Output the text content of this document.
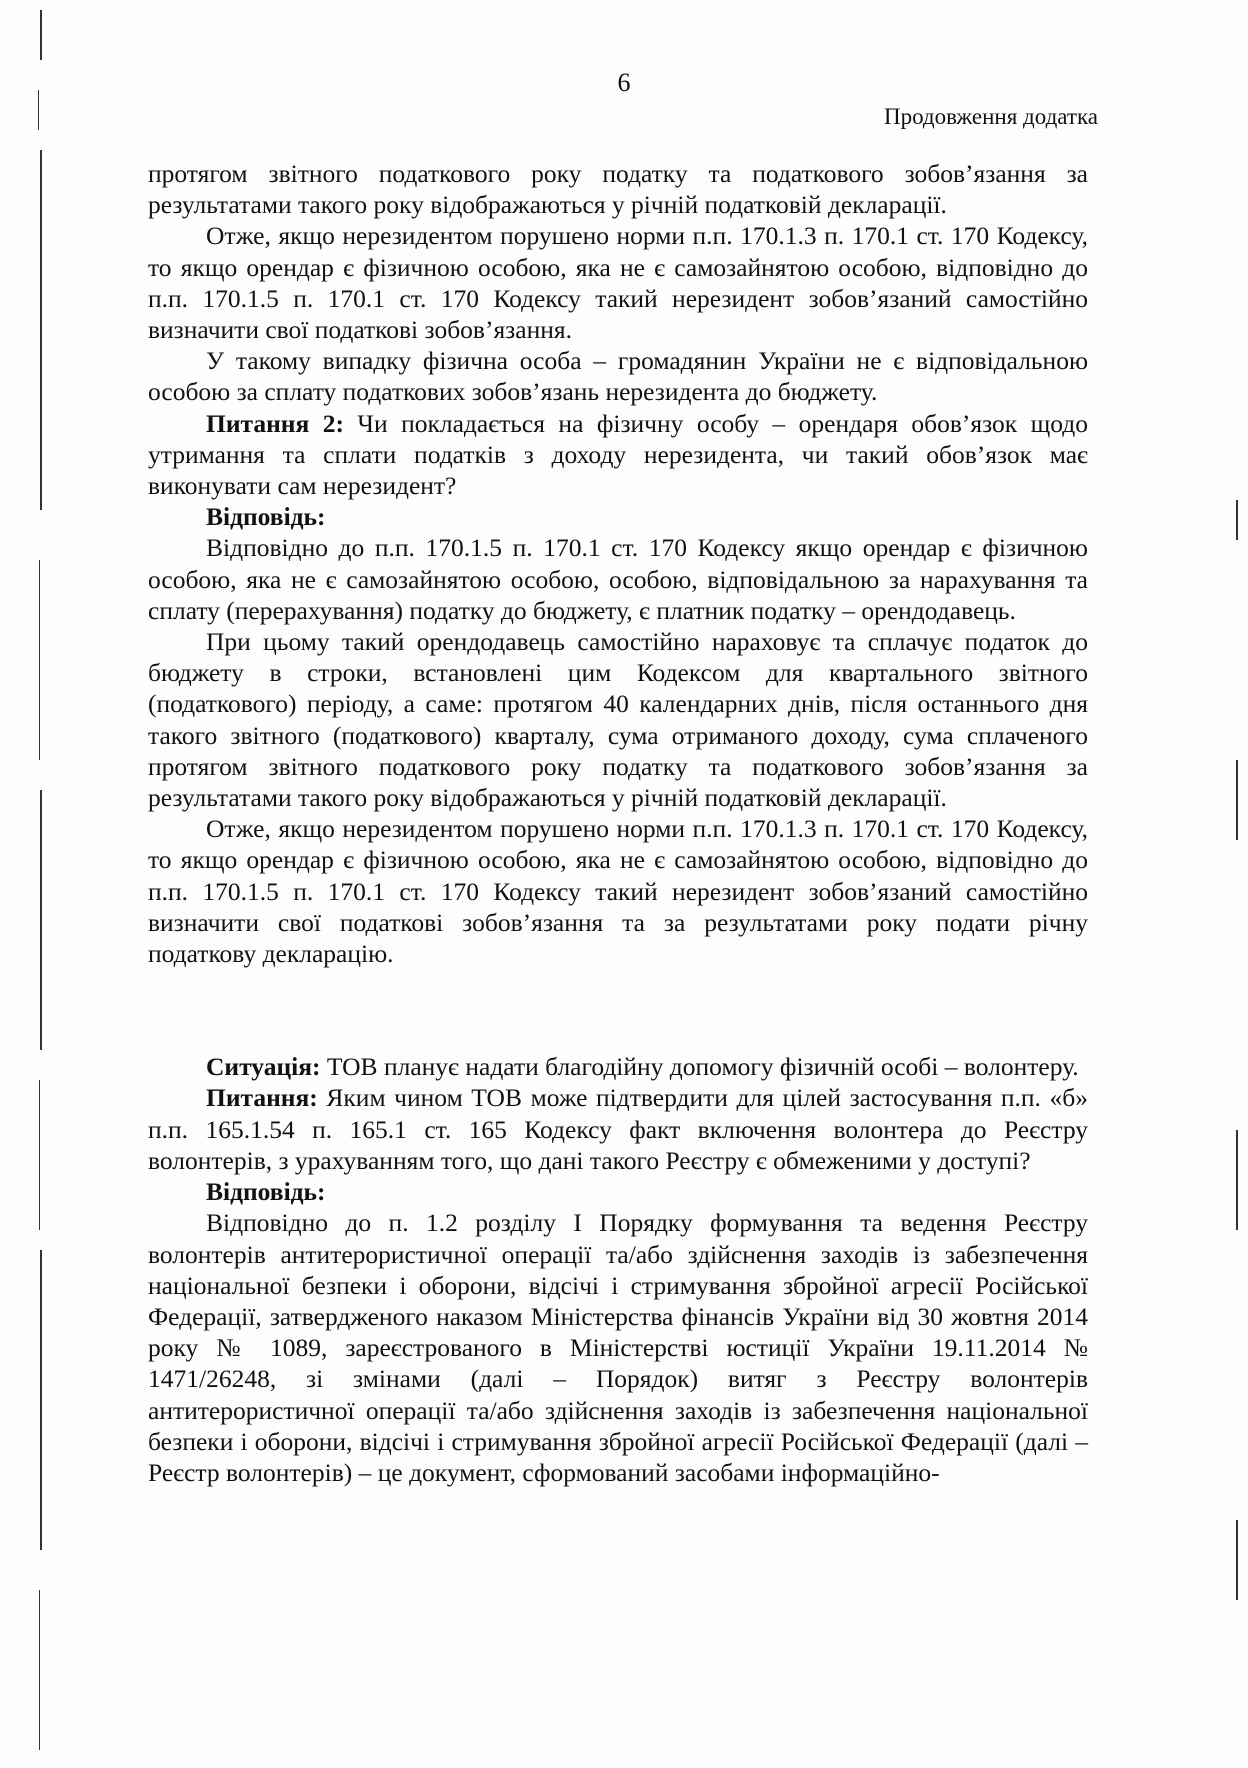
6
Продовження додатка

протягом звітного податкового року податку та податкового зобов’язання за результатами такого року відображаються у річній податковій декларації.

Отже, якщо нерезидентом порушено норми п.п. 170.1.3 п. 170.1 ст. 170 Кодексу, то якщо орендар є фізичною особою, яка не є самозайнятою особою, відповідно до п.п. 170.1.5 п. 170.1 ст. 170 Кодексу такий нерезидент зобов’язаний самостійно визначити свої податкові зобов’язання.

У такому випадку фізична особа – громадянин України не є відповідальною особою за сплату податкових зобов’язань нерезидента до бюджету.

Питання 2: Чи покладається на фізичну особу – орендаря обов’язок щодо утримання та сплати податків з доходу нерезидента, чи такий обов’язок має виконувати сам нерезидент?

Відповідь:

Відповідно до п.п. 170.1.5 п. 170.1 ст. 170 Кодексу якщо орендар є фізичною особою, яка не є самозайнятою особою, особою, відповідальною за нарахування та сплату (перерахування) податку до бюджету, є платник податку – орендодавець.

При цьому такий орендодавець самостійно нараховує та сплачує податок до бюджету в строки, встановлені цим Кодексом для квартального звітного (податкового) періоду, а саме: протягом 40 календарних днів, після останнього дня такого звітного (податкового) кварталу, сума отриманого доходу, сума сплаченого протягом звітного податкового року податку та податкового зобов’язання за результатами такого року відображаються у річній податковій декларації.

Отже, якщо нерезидентом порушено норми п.п. 170.1.3 п. 170.1 ст. 170 Кодексу, то якщо орендар є фізичною особою, яка не є самозайнятою особою, відповідно до п.п. 170.1.5 п. 170.1 ст. 170 Кодексу такий нерезидент зобов’язаний самостійно визначити свої податкові зобов’язання та за результатами року подати річну податкову декларацію.

Ситуація: ТОВ планує надати благодійну допомогу фізичній особі – волонтеру.

Питання: Яким чином ТОВ може підтвердити для цілей застосування п.п. «б» п.п. 165.1.54 п. 165.1 ст. 165 Кодексу факт включення волонтера до Реєстру волонтерів, з урахуванням того, що дані такого Реєстру є обмеженими у доступі?

Відповідь:

Відповідно до п. 1.2 розділу І Порядку формування та ведення Реєстру волонтерів антитерористичної операції та/або здійснення заходів із забезпечення національної безпеки і оборони, відсічі і стримування збройної агресії Російської Федерації, затвердженого наказом Міністерства фінансів України від 30 жовтня 2014 року № 1089, зареєстрованого в Міністерстві юстиції України 19.11.2014 № 1471/26248, зі змінами (далі – Порядок) витяг з Реєстру волонтерів антитерористичної операції та/або здійснення заходів із забезпечення національної безпеки і оборони, відсічі і стримування збройної агресії Російської Федерації (далі – Реєстр волонтерів) – це документ, сформований засобами інформаційно-
